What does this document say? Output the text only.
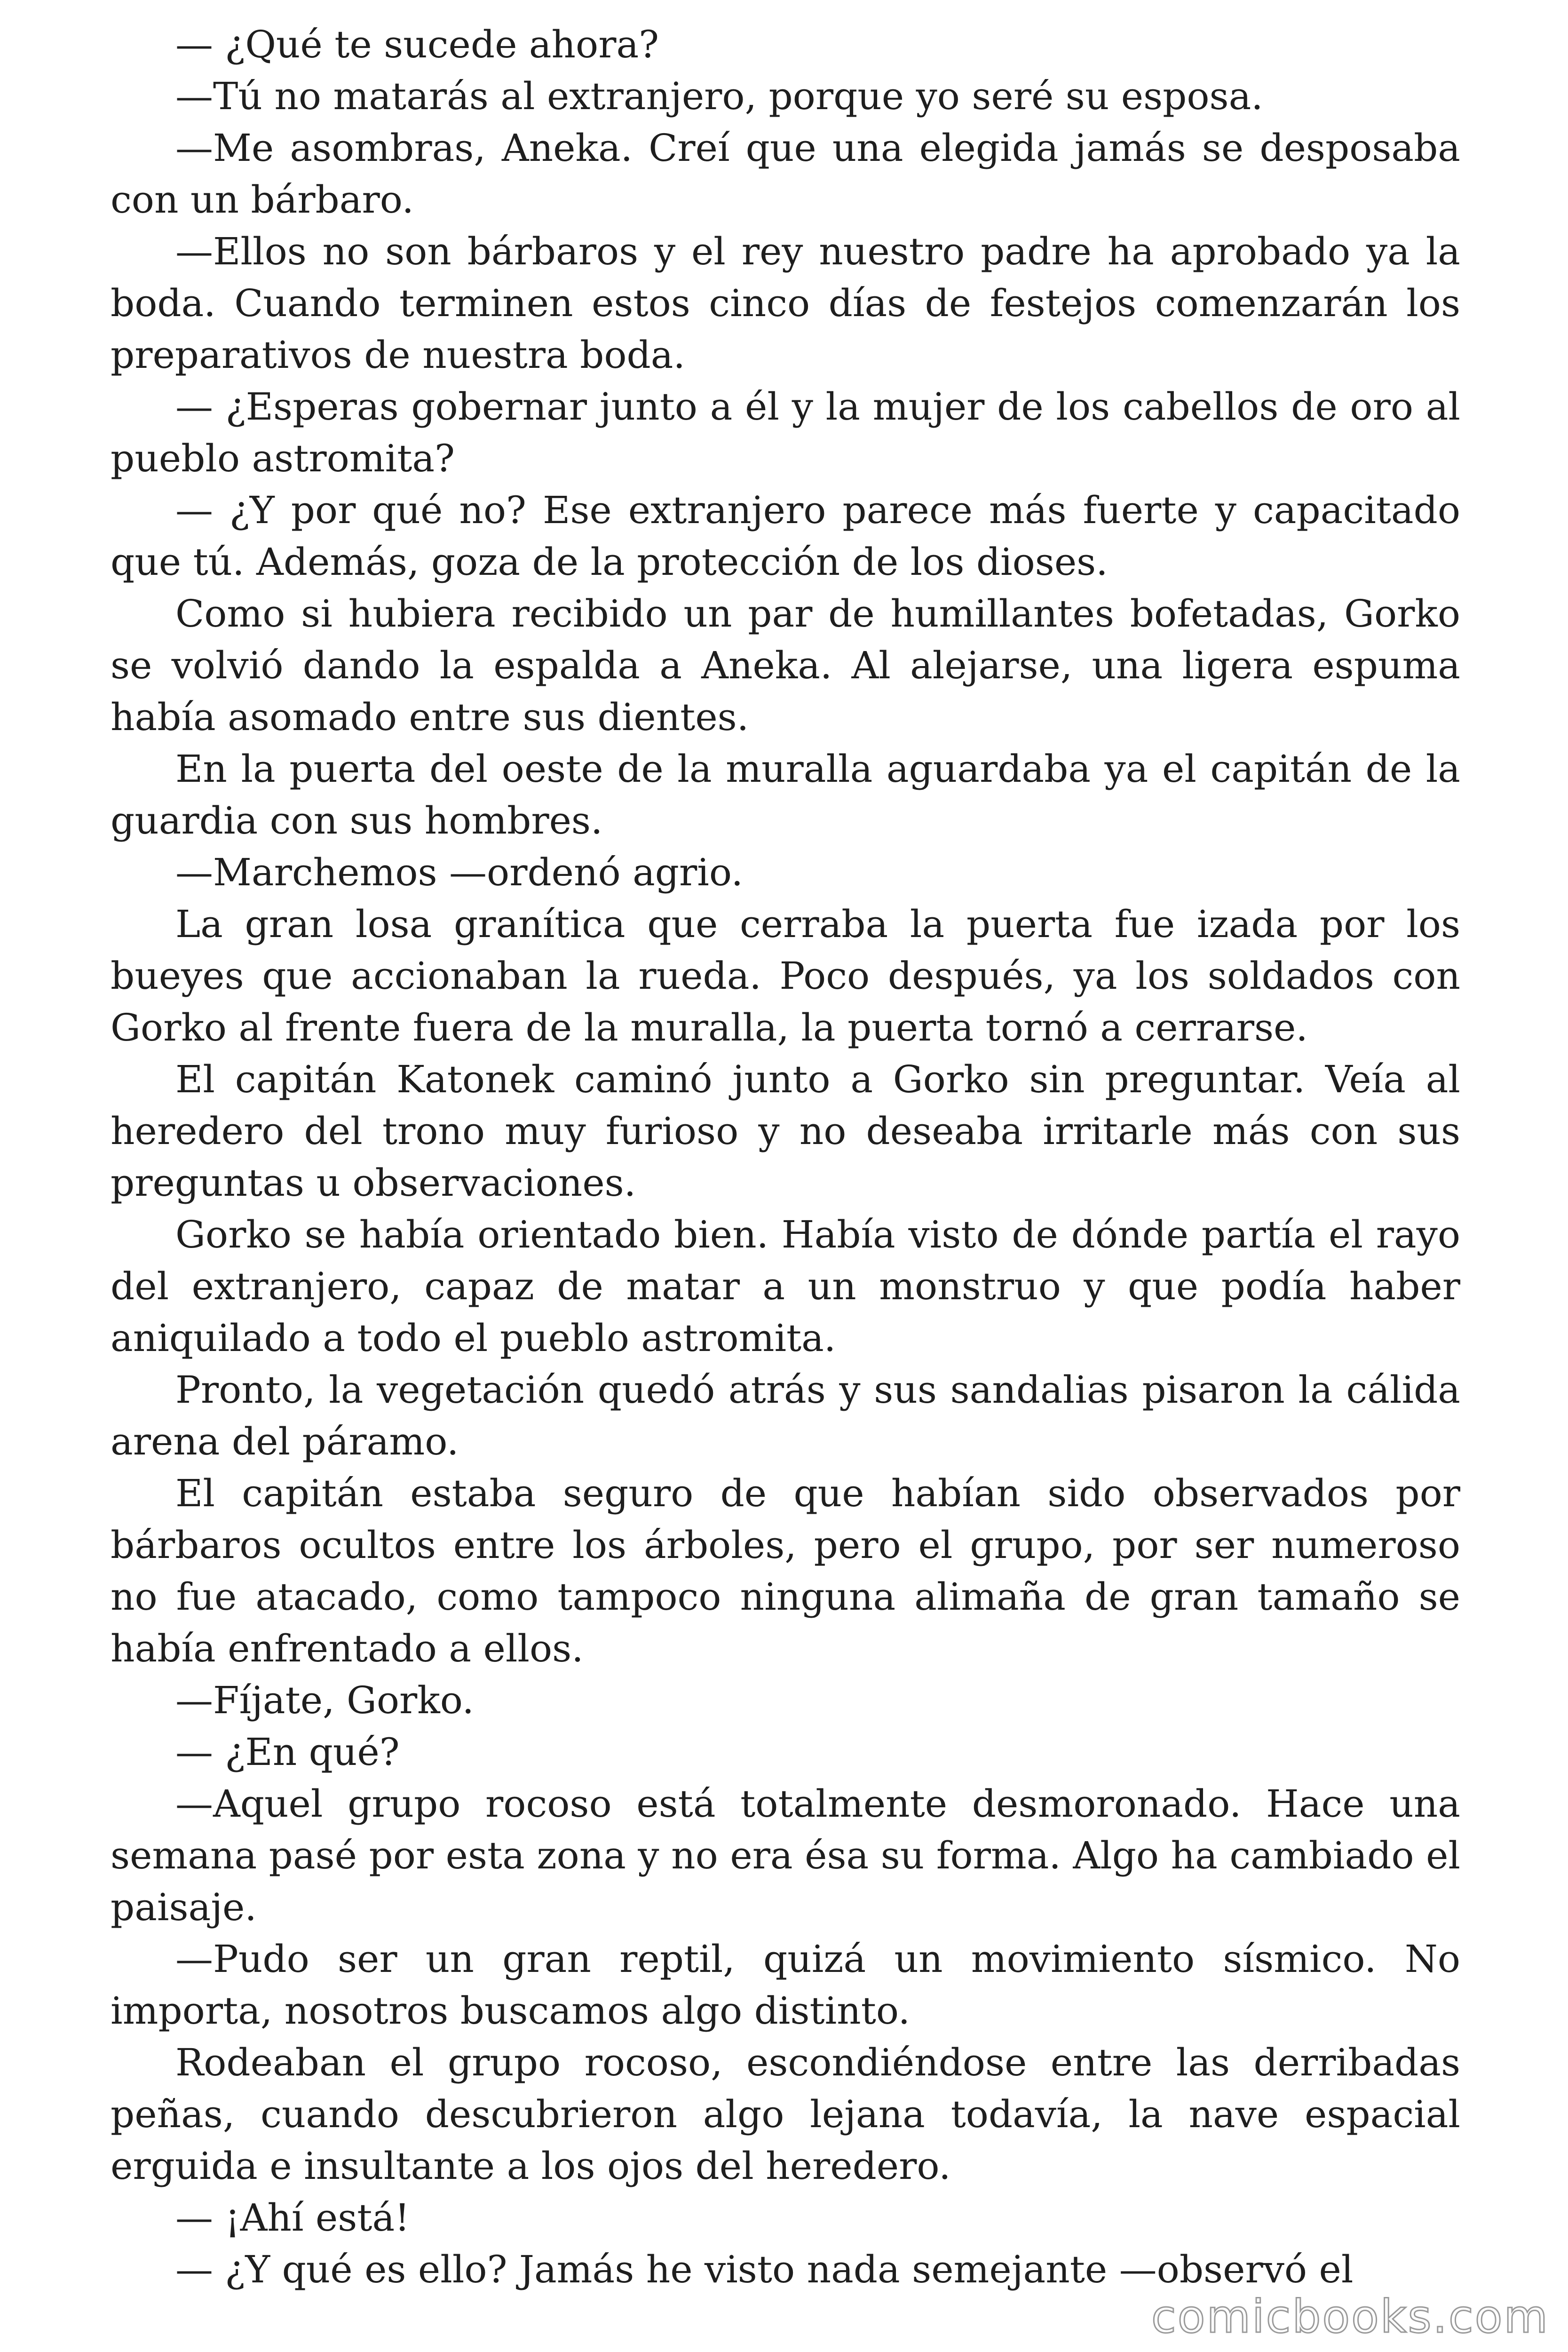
— ¿Qué te sucede ahora?

—Tú no matarás al extranjero, porque yo seré su esposa.

—Me asombras, Aneka. Creí que una elegida jamás se desposaba con un bárbaro.

—Ellos no son bárbaros y el rey nuestro padre ha aprobado ya la boda. Cuando terminen estos cinco días de festejos comenzarán los preparativos de nuestra boda.

— ¿Esperas gobernar junto a él y la mujer de los cabellos de oro al pueblo astromita?

— ¿Y por qué no? Ese extranjero parece más fuerte y capacitado que tú. Además, goza de la protección de los dioses.

Como si hubiera recibido un par de humillantes bofetadas, Gorko se volvió dando la espalda a Aneka. Al alejarse, una ligera espuma había asomado entre sus dientes.

En la puerta del oeste de la muralla aguardaba ya el capitán de la guardia con sus hombres.

—Marchemos —ordenó agrio.

La gran losa granítica que cerraba la puerta fue izada por los bueyes que accionaban la rueda. Poco después, ya los soldados con Gorko al frente fuera de la muralla, la puerta tornó a cerrarse.

El capitán Katonek caminó junto a Gorko sin preguntar. Veía al heredero del trono muy furioso y no deseaba irritarle más con sus preguntas u observaciones.

Gorko se había orientado bien. Había visto de dónde partía el rayo del extranjero, capaz de matar a un monstruo y que podía haber aniquilado a todo el pueblo astromita.

Pronto, la vegetación quedó atrás y sus sandalias pisaron la cálida arena del páramo.

El capitán estaba seguro de que habían sido observados por bárbaros ocultos entre los árboles, pero el grupo, por ser numeroso no fue atacado, como tampoco ninguna alimaña de gran tamaño se había enfrentado a ellos.

—Fíjate, Gorko.

— ¿En qué?

—Aquel grupo rocoso está totalmente desmoronado. Hace una semana pasé por esta zona y no era ésa su forma. Algo ha cambiado el paisaje.

—Pudo ser un gran reptil, quizá un movimiento sísmico. No importa, nosotros buscamos algo distinto.

Rodeaban el grupo rocoso, escondiéndose entre las derribadas peñas, cuando descubrieron algo lejana todavía, la nave espacial erguida e insultante a los ojos del heredero.

— ¡Ahí está!

— ¿Y qué es ello? Jamás he visto nada semejante —observó el

comicbooks.com
